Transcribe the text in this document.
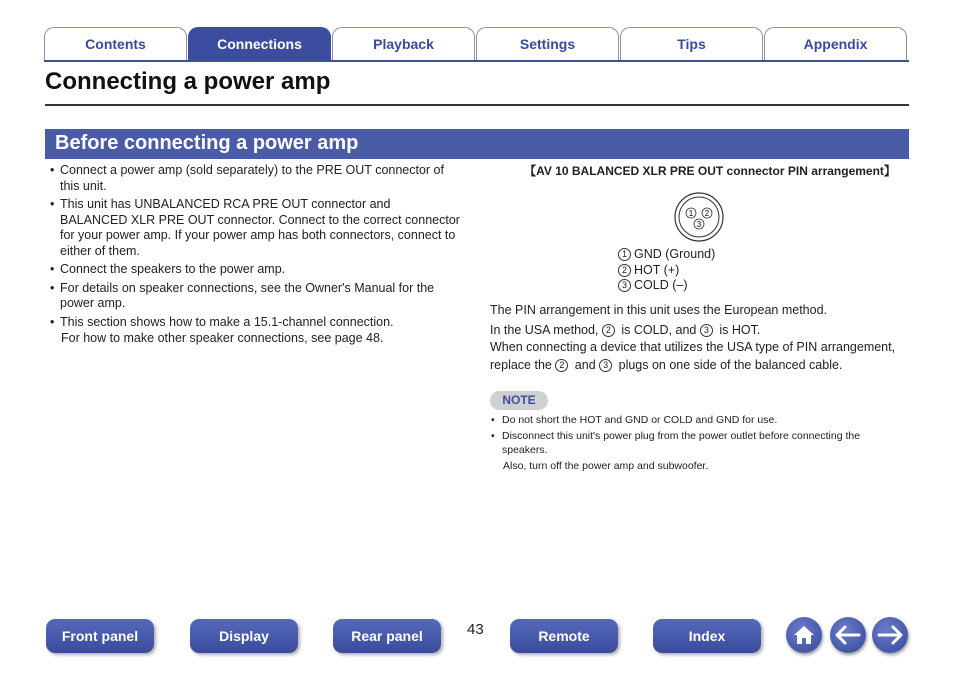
Contents	Connections	Playback	Settings	Tips	Appendix
Connecting a power amp
Before connecting a power amp
• Connect a power amp (sold separately) to the PRE OUT connector of this unit.
• This unit has UNBALANCED RCA PRE OUT connector and BALANCED XLR PRE OUT connector. Connect to the correct connector for your power amp. If your power amp has both connectors, connect to either of them.
• Connect the speakers to the power amp.
• For details on speaker connections, see the Owner's Manual for the power amp.
• This section shows how to make a 15.1-channel connection.
For how to make other speaker connections, see page 48.
【AV 10 BALANCED XLR PRE OUT connector PIN arrangement】
1 2
3
1 GND (Ground)
2 HOT (+)
3 COLD (–)
The PIN arrangement in this unit uses the European method.
In the USA method, 2 is COLD, and 3 is HOT.
When connecting a device that utilizes the USA type of PIN arrangement,
replace the 2 and 3 plugs on one side of the balanced cable.
NOTE
• Do not short the HOT and GND or COLD and GND for use.
• Disconnect this unit's power plug from the power outlet before connecting the speakers.
Also, turn off the power amp and subwoofer.
Front panel	Display	Rear panel	43	Remote	Index
